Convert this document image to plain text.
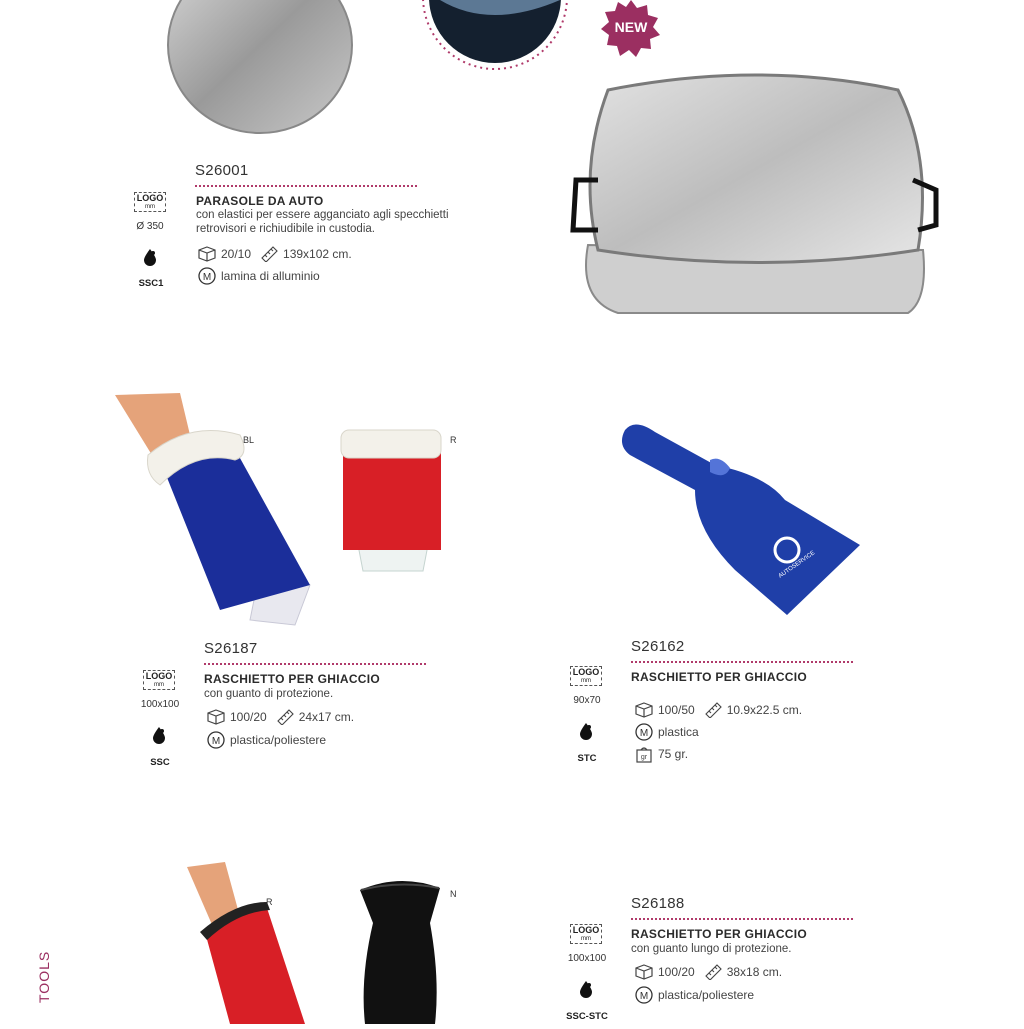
NEW
S26001
PARASOLE DA AUTO
con elastici per essere agganciato agli specchietti retrovisori e richiudibile in custodia.
20/10	139x102 cm.
M lamina di alluminio
LOGO
mm
Ø 350
SSC1
BL	R
S26187
RASCHIETTO PER GHIACCIO
con guanto di protezione.
100/20	24x17 cm.
M plastica/poliestere
LOGO
mm
100x100
SSC
AUTOSERVICE
S26162
RASCHIETTO PER GHIACCIO
100/50	10.9x22.5 cm.
M plastica
gr 75 gr.
LOGO
mm
90x70
STC
R
N
S26188
RASCHIETTO PER GHIACCIO
con guanto lungo di protezione.
100/20	38x18 cm.
M plastica/poliestere
LOGO
mm
100x100
SSC-STC
TOOLS
